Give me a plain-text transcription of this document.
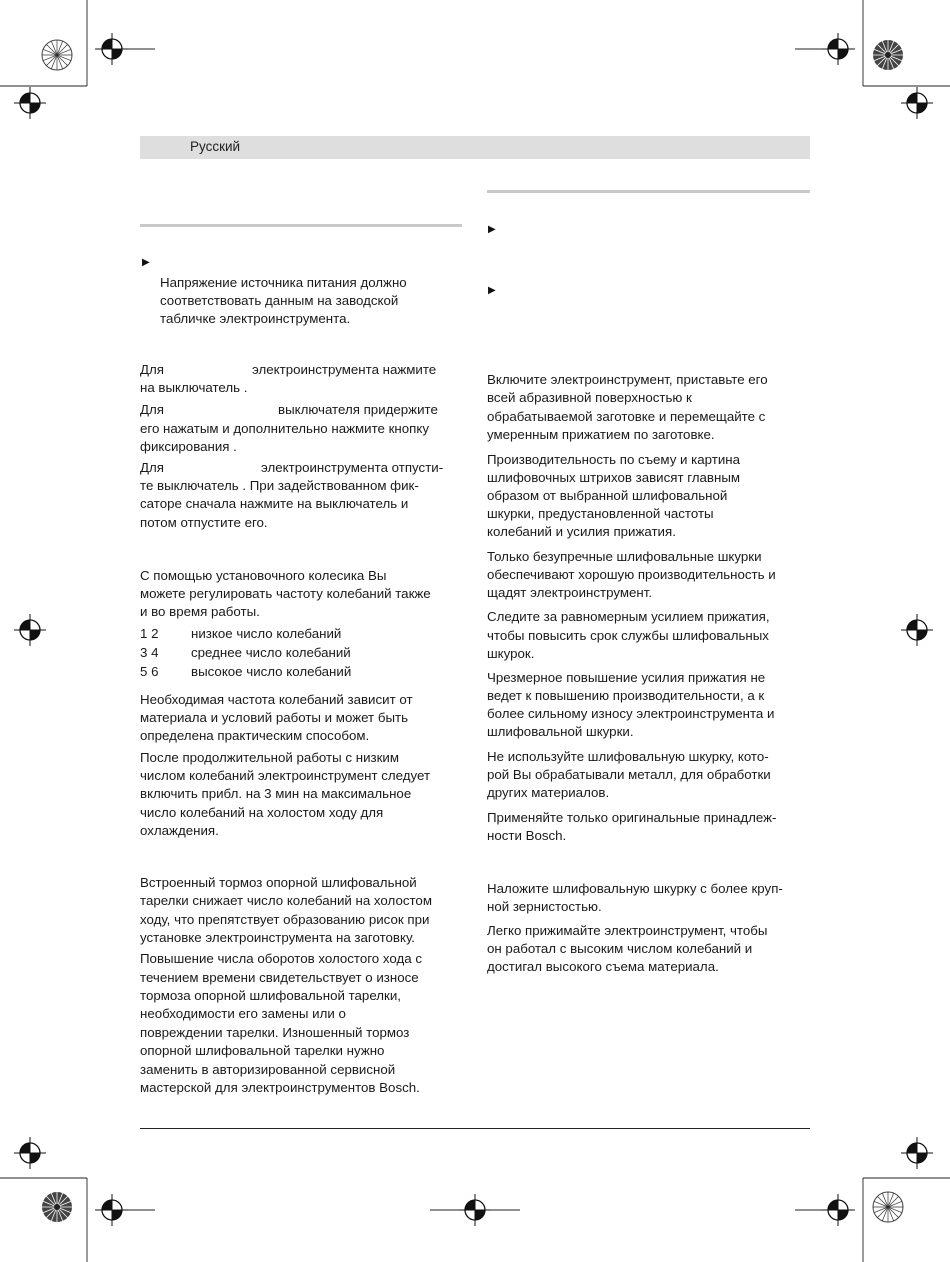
Русский
▶
Напряжение источника питания должно
соответствовать данным на заводской
табличке электроинструмента.
Для	электроинструмента нажмите
на выключатель .
Для	выключателя придержите
его нажатым и дополнительно нажмите кнопку
фиксирования .
Для	электроинструмента отпусти-
те выключатель . При задействованном фик-
саторе сначала нажмите на выключатель и
потом отпустите его.
С помощью установочного колесика Вы
можете регулировать частоту колебаний также
и во время работы.
1 2 низкое число колебаний
3 4 среднее число колебаний
5 6 высокое число колебаний
Необходимая частота колебаний зависит от
материала и условий работы и может быть
определена практическим способом.
После продолжительной работы с низким
числом колебаний электроинструмент следует
включить прибл. на 3 мин на максимальное
число колебаний на холостом ходу для
охлаждения.
Встроенный тормоз опорной шлифовальной
тарелки снижает число колебаний на холостом
ходу, что препятствует образованию рисок при
установке электроинструмента на заготовку.
Повышение числа оборотов холостого хода с
течением времени свидетельствует о износе
тормоза опорной шлифовальной тарелки,
необходимости его замены или о
повреждении тарелки. Изношенный тормоз
опорной шлифовальной тарелки нужно
заменить в авторизированной сервисной
мастерской для электроинструментов Bosch.
▶
▶
Включите электроинструмент, приставьте его
всей абразивной поверхностью к
обрабатываемой заготовке и перемещайте с
умеренным прижатием по заготовке.
Производительность по съему и картина
шлифовочных штрихов зависят главным
образом от выбранной шлифовальной
шкурки, предустановленной частоты
колебаний и усилия прижатия.
Только безупречные шлифовальные шкурки
обеспечивают хорошую производительность и
щадят электроинструмент.
Следите за равномерным усилием прижатия,
чтобы повысить срок службы шлифовальных
шкурок.
Чрезмерное повышение усилия прижатия не
ведет к повышению производительности, а к
более сильному износу электроинструмента и
шлифовальной шкурки.
Не используйте шлифовальную шкурку, кото-
рой Вы обрабатывали металл, для обработки
других материалов.
Применяйте только оригинальные принадлеж-
ности Bosch.
Наложите шлифовальную шкурку с более круп-
ной зернистостью.
Легко прижимайте электроинструмент, чтобы
он работал с высоким числом колебаний и
достигал высокого съема материала.
